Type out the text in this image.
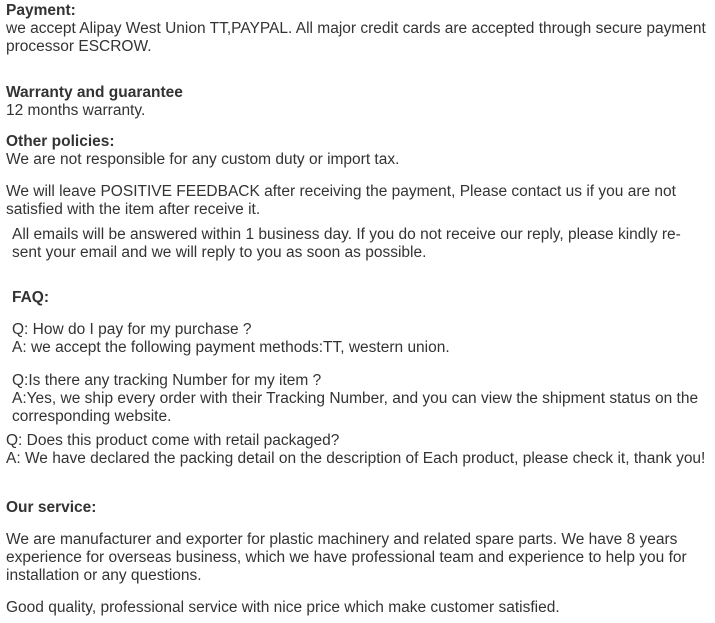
Payment:
we accept Alipay West Union TT,PAYPAL. All major credit cards are accepted through secure payment processor ESCROW.
Warranty and guarantee
12 months warranty.
Other policies:
We are not responsible for any custom duty or import tax.
We will leave POSITIVE FEEDBACK after receiving the payment, Please contact us if you are not satisfied with the item after receive it.
All emails will be answered within 1 business day. If you do not receive our reply, please kindly re-sent your email and we will reply to you as soon as possible.
FAQ:
Q: How do I pay for my purchase ?
A: we accept the following payment methods:TT, western union.
Q:Is there any tracking Number for my item ?
A:Yes, we ship every order with their Tracking Number, and you can view the shipment status on the corresponding website.
Q: Does this product come with retail packaged?
A: We have declared the packing detail on the description of Each product, please check it, thank you!
Our service:
We are manufacturer and exporter for plastic machinery and related spare parts. We have 8 years experience for overseas business, which we have professional team and experience to help you for installation or any questions.
Good quality, professional service with nice price which make customer satisfied.
